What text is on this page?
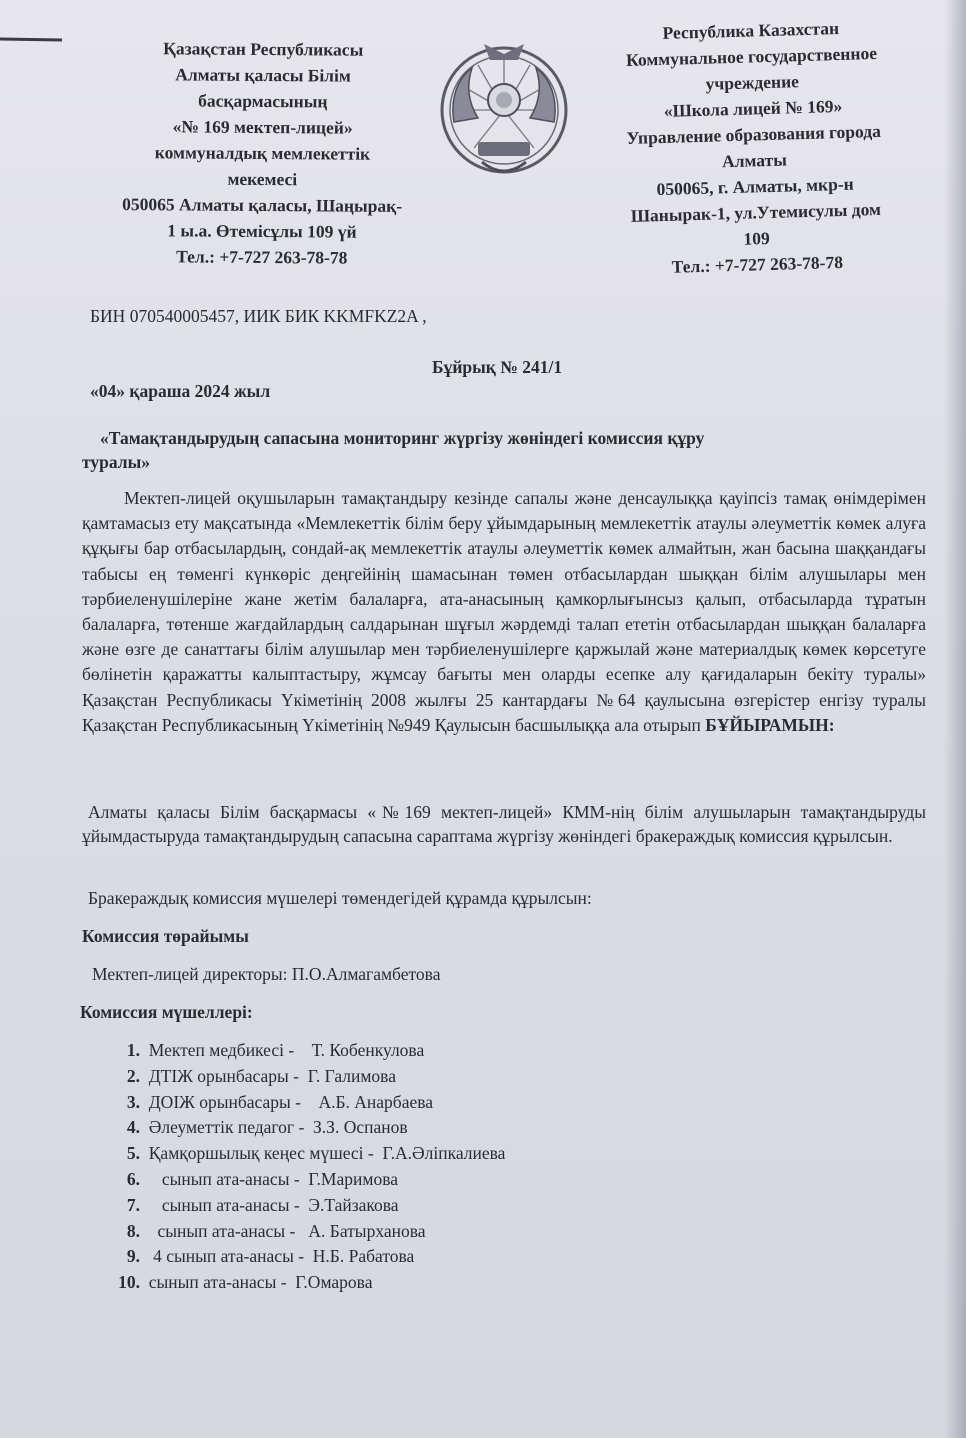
Қазақстан Республикасы
Алматы қаласы Білім
басқармасының
«№ 169 мектеп-лицей»
коммуналдық мемлекеттік
мекемесі
050065 Алматы қаласы, Шаңырақ-
1 ы.а. Өтемісұлы 109 үй
Тел.: +7-727 263-78-78
Республика Казахстан
Коммунальное государственное
учреждение
«Школа лицей № 169»
Управление образования города
Алматы
050065, г. Алматы, мкр-н
Шанырак-1, ул.Утемисулы дом
109
Тел.: +7-727 263-78-78
БИН 070540005457, ИИК БИК KKMFKZ2A ,
Бұйрық № 241/1
«04» қараша 2024 жыл
«Тамақтандырудың сапасына мониторинг жүргізу жөніндегі комиссия құру
туралы»
Мектеп-лицей оқушыларын тамақтандыру кезінде сапалы және денсаулыққа қауіпсіз тамақ өнімдерімен қамтамасыз ету мақсатында «Мемлекеттік білім беру ұйымдарының мемлекеттік атаулы әлеуметтік көмек алуға құқығы бар отбасылардың, сондай-ақ мемлекеттік атаулы әлеуметтік көмек алмайтын, жан басына шаққандағы табысы ең төменгі күнкөріс деңгейінің шамасынан төмен отбасылардан шыққан білім алушылары мен тәрбиеленушілеріне жане жетім балаларға, ата-анасының қамкорлығынсыз қалып, отбасыларда тұратын балаларға, төтенше жағдайлардың салдарынан шұғыл жәрдемді талап ететін отбасылардан шыққан балаларға және өзге де санаттағы білім алушылар мен тәрбиеленушілерге қаржылай және материалдық көмек көрсетуге бөлінетін қаражатты калыптастыру, жұмсау бағыты мен оларды есепке алу қағидаларын бекіту туралы» Қазақстан Республикасы Үкіметінің 2008 жылғы 25 кантардағы №64 қаулысына өзгерістер енгізу туралы Қазақстан Республикасының Үкіметінің №949 Қаулысын басшылыққа ала отырып БҰЙЫРАМЫН:
Алматы қаласы Білім басқармасы «№169 мектеп-лицей» КММ-нің білім алушыларын тамақтандыруды ұйымдастыруда тамақтандырудың сапасына сараптама жүргізу жөніндегі бракераждық комиссия құрылсын.
Бракераждық комиссия мүшелері төмендегідей құрамда құрылсын:
Комиссия төрайымы
Мектеп-лицей директоры: П.О.Алмагамбетова
Комиссия мүшеллері:
1. Мектеп медбикесі -    Т. Кобенкулова
2. ДТІЖ орынбасары -  Г. Галимова
3. ДОІЖ орынбасары -    А.Б. Анарбаева
4. Әлеуметтік педагог -  З.З. Оспанов
5. Қамқоршылық кеңес мүшесі -  Г.А.Әліпкалиева
6. сынып ата-анасы -  Г.Маримова
7. сынып ата-анасы -  Э.Тайзакова
8. сынып ата-анасы -   А. Батырханова
9. 4 сынып ата-анасы -  Н.Б. Рабатова
10. сынып ата-анасы -  Г.Омарова
